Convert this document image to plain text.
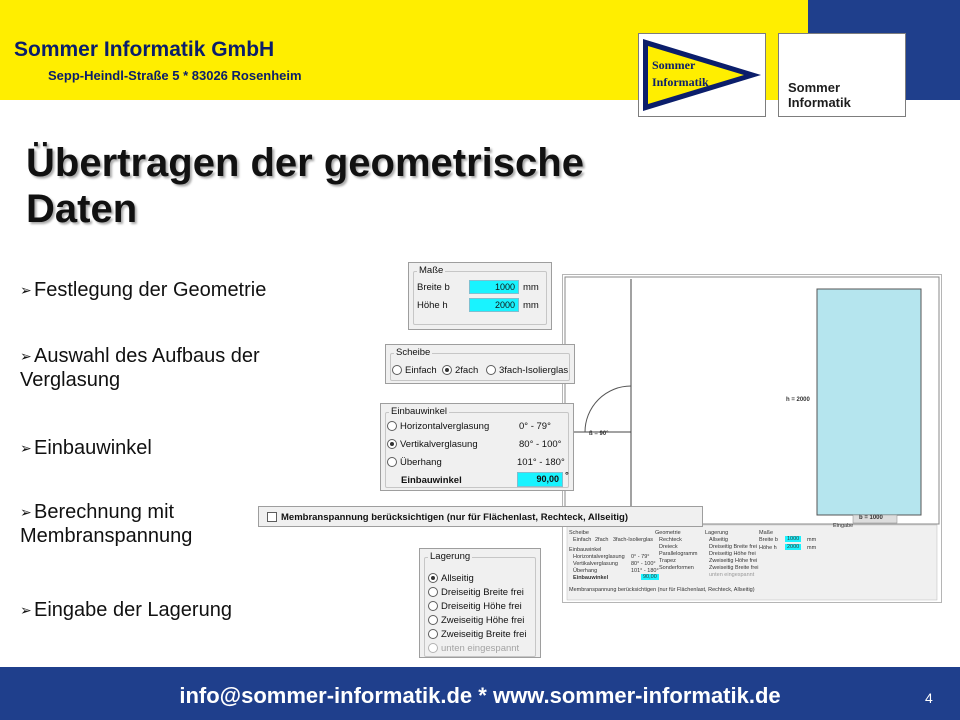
Sommer Informatik GmbH
Sepp-Heindl-Straße 5 * 83026 Rosenheim
Sommer
Informatik	Sommer
Informatik
Übertragen der geometrische
Daten
➢ Festlegung der Geometrie
➢ Auswahl des Aufbaus der
Verglasung
➢ Einbauwinkel
➢ Berechnung mit
Membranspannung
➢ Eingabe der Lagerung
ß = 90°
h = 2000
b = 1000
Eingabe
Scheibe
Einfach 2fach 3fach-Isolierglas
Einbauwinkel
Horizontalverglasung 0° - 79°
Vertikalverglasung 80° - 100°
Überhang	101° - 180°
Einbauwinkel	90,00
Geometrie
Rechteck
Dreieck
Parallelogramm
Trapez
Sonderformen
Lagerung
Allseitig
Dreiseitig Breite frei
Dreiseitig Höhe frei
Zweiseitig Höhe frei
Zweiseitig Breite frei
unten eingespannt
Maße
Breite b	1000	mm
Höhe h	2000	mm
Membranspannung berücksichtigen (nur für Flächenlast, Rechteck, Allseitig)
Maße
Breite b	1000 mm
Höhe h	2000 mm
Scheibe
Einfach 2fach 3fach-Isolierglas
Einbauwinkel
Horizontalverglasung	0° - 79°
Vertikalverglasung	80° - 100°
Überhang	101° - 180°
Einbauwinkel	90,00 °
Membranspannung berücksichtigen (nur für Flächenlast, Rechteck, Allseitig)
Lagerung
Allseitig
Dreiseitig Breite frei
Dreiseitig Höhe frei
Zweiseitig Höhe frei
Zweiseitig Breite frei
unten eingespannt
info@sommer-informatik.de * www.sommer-informatik.de	4
